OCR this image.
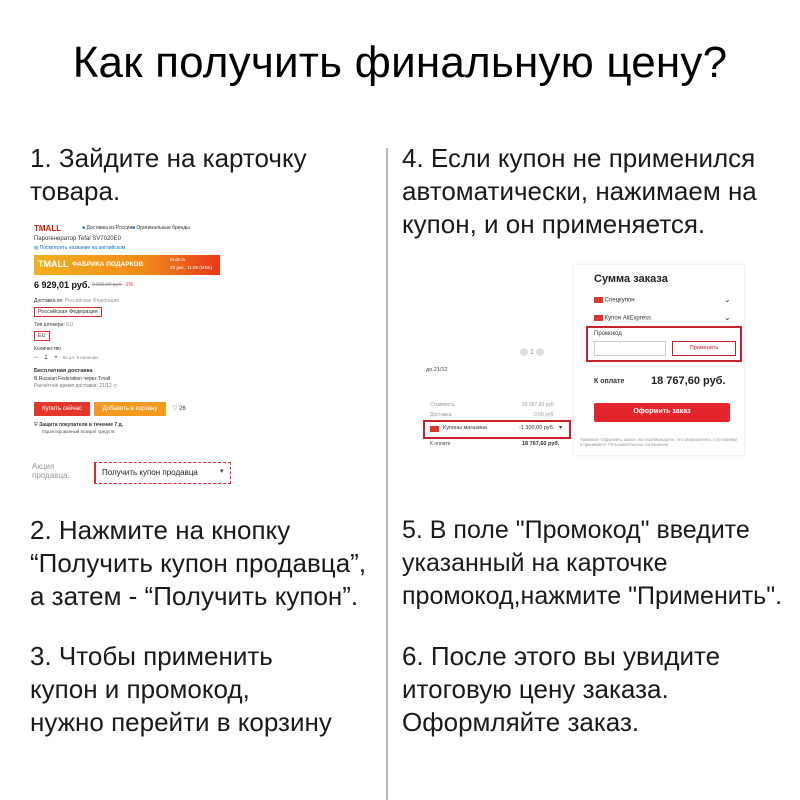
Как получить финальную цену?
1. Зайдите на карточку
товара.
2. Нажмите на кнопку
“Получить купон продавца”,
а затем - “Получить купон”.
3. Чтобы применить
купон и промокод,
нужно перейти в корзину
4. Если купон не применился
автоматически, нажимаем на
купон, и он применяется.
5. В поле "Промокод" введите
указанный на карточке
промокод,нажмите "Применить".
6. После этого вы увидите
итоговую цену заказа.
Оформляйте заказ.
TMALL	■ Доставка из России ■ Оригинальные бренды
Парогенератор Tefal SV7020E0
◍ Посмотреть название на английском
TMALL ФАБРИКА ПОДАРКОВ
Ends in
28 дек., 11:59 (MSK)
6 929,01 руб. 9 999,00 руб. -1%
Доставка из: Российская Федерация
Российская Федерация
Тип штекера: EU
EU
Количество
− 1 + 50 шт. в наличии
Бесплатная доставка
В Russian Federation через Tmall
Расчётное время доставки: 21/12 ◴
Купить сейчас	Добавить в корзину	♡ 26
⛨ Защита покупателя в течение 7 д.
Гарантированный возврат средств
Акция
продавца:	Получить купон продавца	▾
1
до 21/12
Стоимость	20 067,60 руб.
Доставка	0,00 руб.
Купоны магазина	-1 300,00 руб. ▾
К оплате	18 767,60 руб.
Сумма заказа
Спецкупон	⌄
Купон AliExpress	⌄
Промокод
Применить
К оплате 18 767,60 руб.
Оформить заказ
Нажимая «Оформить заказ», вы подтверждаете, что ознакомились с условиями и принимаете Пользовательское соглашение.
